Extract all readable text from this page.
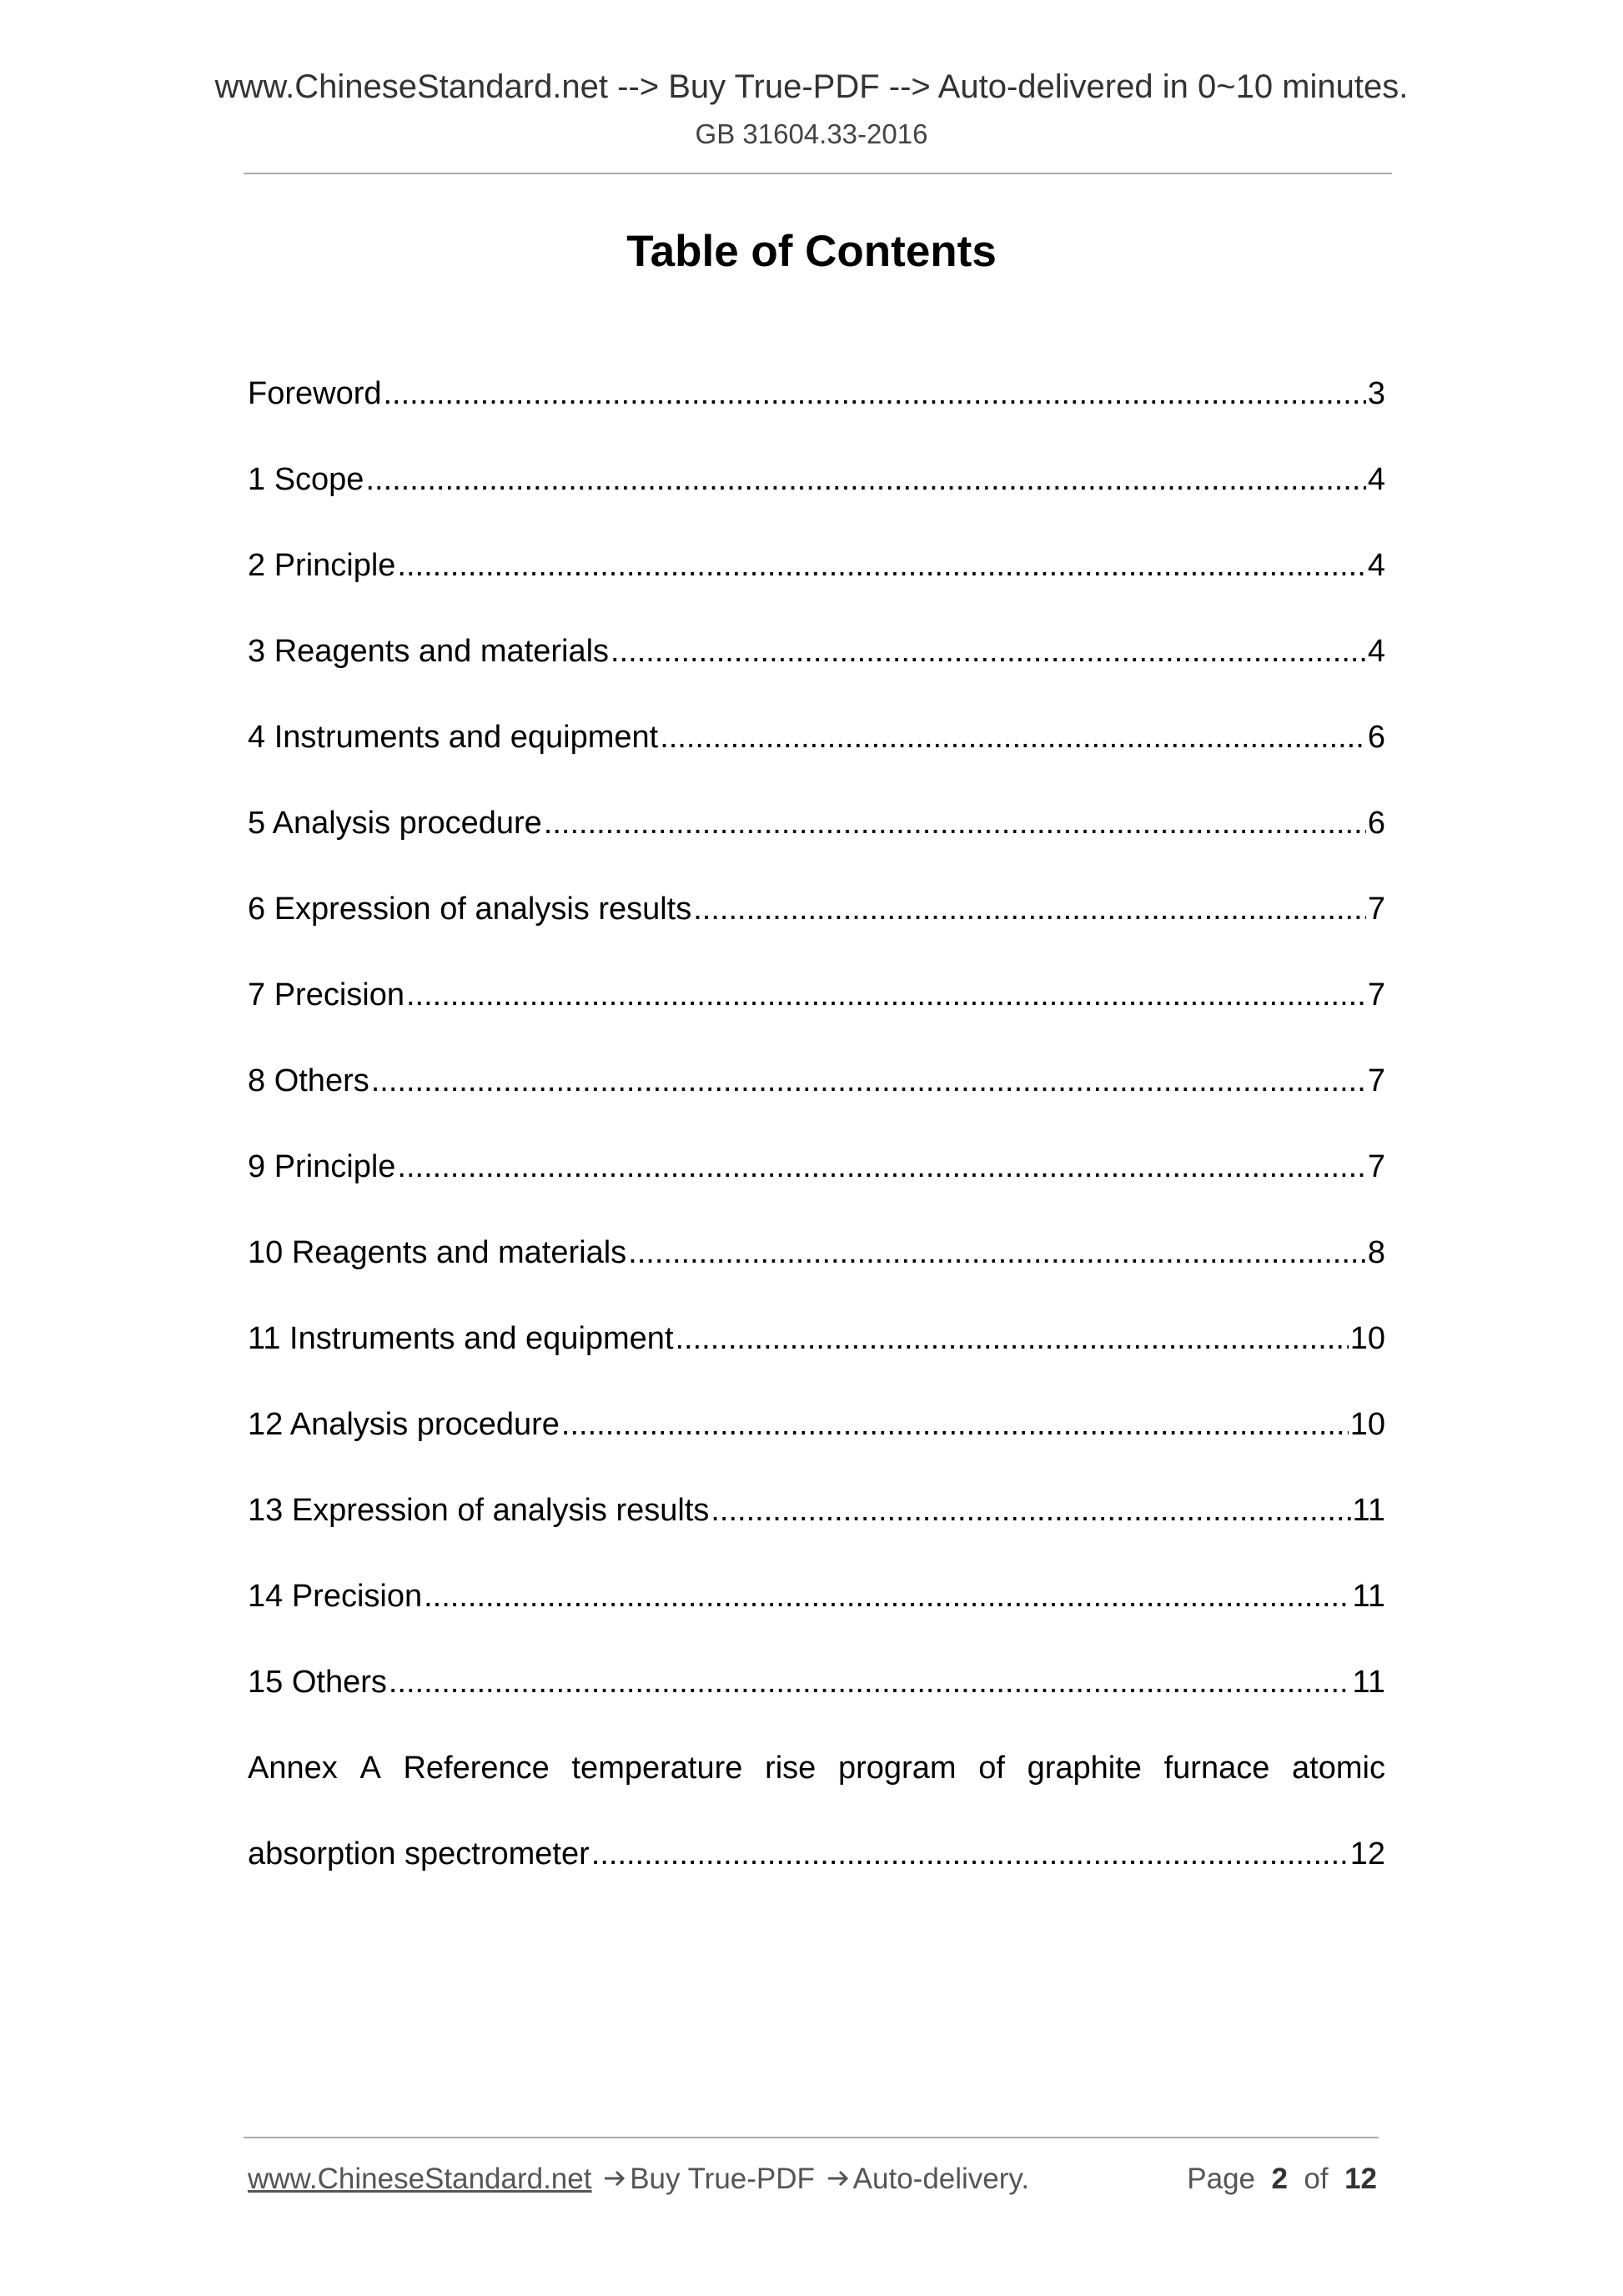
www.ChineseStandard.net --> Buy True-PDF --> Auto-delivered in 0~10 minutes.
GB 31604.33-2016
Table of Contents
Foreword .....	3
1 Scope .....	4
2 Principle .....	4
3 Reagents and materials .....	4
4 Instruments and equipment .....	6
5 Analysis procedure .....	6
6 Expression of analysis results .....	7
7 Precision .....	7
8 Others .....	7
9 Principle .....	7
10 Reagents and materials .....	8
11 Instruments and equipment .....	10
12 Analysis procedure .....	10
13 Expression of analysis results .....	11
14 Precision .....	11
15 Others .....	11
Annex A Reference temperature rise program of graphite furnace atomic
absorption spectrometer .....	12
www.ChineseStandard.net Buy True-PDF Auto-delivery.	Page 2 of 12
